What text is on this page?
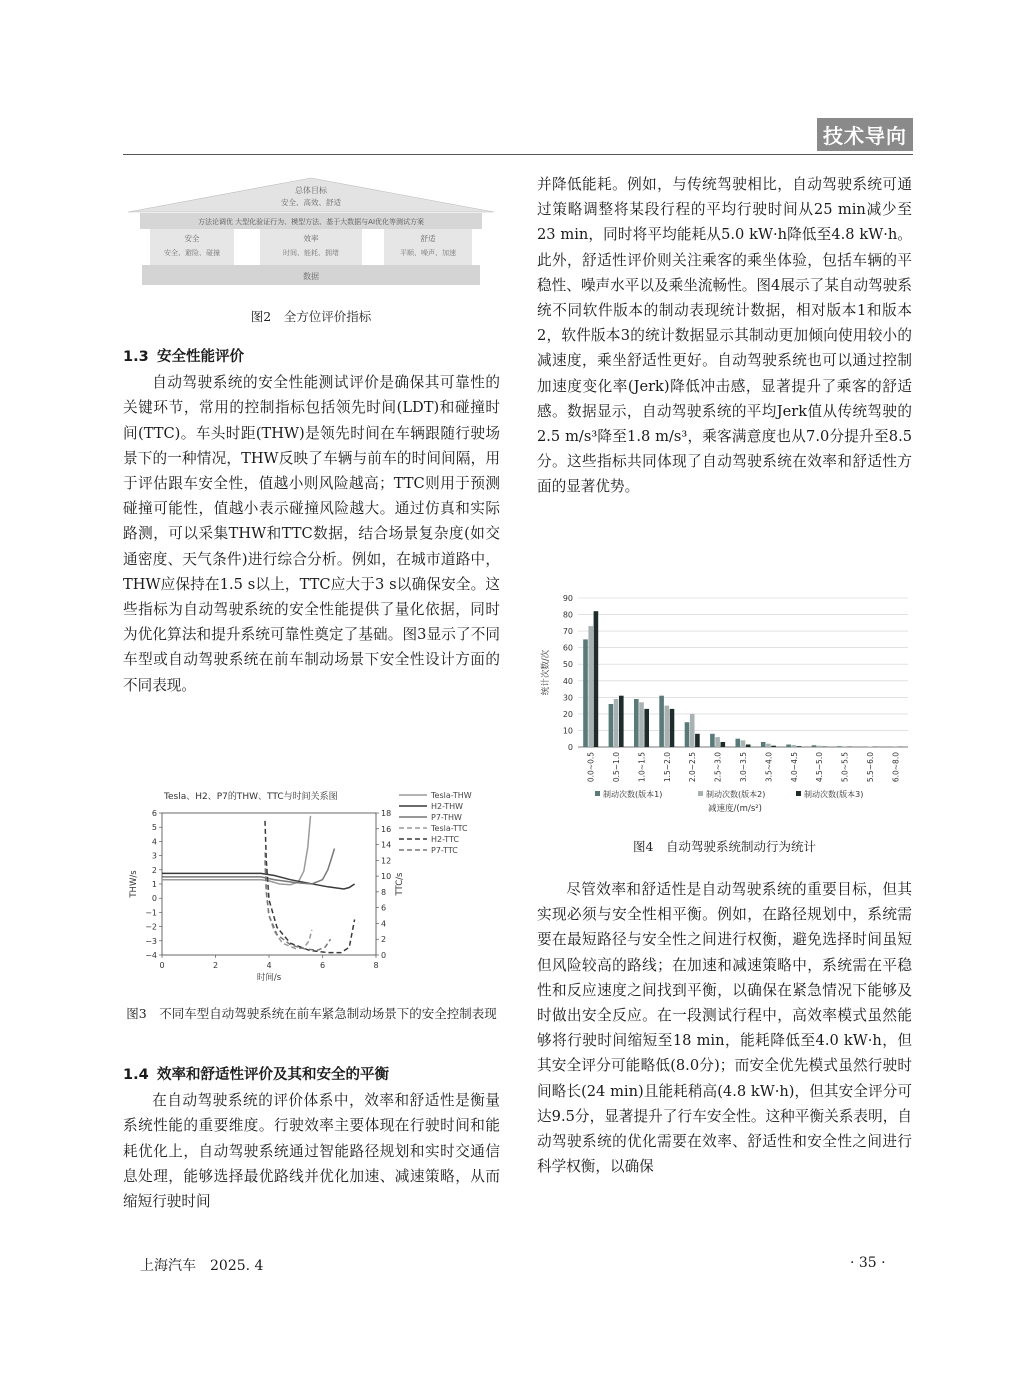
技术导向
总体目标
安全、高效、舒适
方法论调优 大型化验证行为、模型方法、基于大数据与AI优化等测试方案
安全
安全、避险、碰撞
效率
时间、能耗、拥堵
舒适
平顺、噪声、加速
数据
图2　全方位评价指标

1.3 安全性能评价

自动驾驶系统的安全性能测试评价是确保其可靠性的关键环节，常用的控制指标包括领先时间(LDT)和碰撞时间(TTC)。车头时距(THW)是领先时间在车辆跟随行驶场景下的一种情况，THW反映了车辆与前车的时间间隔，用于评估跟车安全性，值越小则风险越高；TTC则用于预测碰撞可能性，值越小表示碰撞风险越大。通过仿真和实际路测，可以采集THW和TTC数据，结合场景复杂度(如交通密度、天气条件)进行综合分析。例如，在城市道路中，THW应保持在1.5 s以上，TTC应大于3 s以确保安全。这些指标为自动驾驶系统的安全性能提供了量化依据，同时为优化算法和提升系统可靠性奠定了基础。图3显示了不同车型或自动驾驶系统在前车制动场景下安全性设计方面的不同表现。

Tesla、H2、P7的THW、TTC与时间关系图
−4
−3
−2
−1
0
1
2
3
4
5
6
0
2
4
6
8
10
12
14
16
18
0	2	4	6	8
时间/s
THW/s	TTC/s
Tesla-THW
H2-THW
P7-THW
Tesla-TTC
H2-TTC
P7-TTC
图3　不同车型自动驾驶系统在前车紧急制动场景下的安全控制表现

1.4 效率和舒适性评价及其和安全的平衡

在自动驾驶系统的评价体系中，效率和舒适性是衡量系统性能的重要维度。行驶效率主要体现在行驶时间和能耗优化上，自动驾驶系统通过智能路径规划和实时交通信息处理，能够选择最优路线并优化加速、减速策略，从而缩短行驶时间

并降低能耗。例如，与传统驾驶相比，自动驾驶系统可通过策略调整将某段行程的平均行驶时间从25 min减少至23 min，同时将平均能耗从5.0 kW·h降低至4.8 kW·h。此外，舒适性评价则关注乘客的乘坐体验，包括车辆的平稳性、噪声水平以及乘坐流畅性。图4展示了某自动驾驶系统不同软件版本的制动表现统计数据，相对版本1和版本2，软件版本3的统计数据显示其制动更加倾向使用较小的减速度，乘坐舒适性更好。自动驾驶系统也可以通过控制加速度变化率(Jerk)降低冲击感，显著提升了乘客的舒适感。数据显示，自动驾驶系统的平均Jerk值从传统驾驶的2.5 m/s³降至1.8 m/s³，乘客满意度也从7.0分提升至8.5分。这些指标共同体现了自动驾驶系统在效率和舒适性方面的显著优势。

0
10
20
30
40
50
60
70
80
90
统计次数/次
0.0~0.5 0.5~1.0 1.0~1.5 1.5~2.0 2.0~2.5 2.5~3.0 3.0~3.5 3.5~4.0 4.0~4.5 4.5~5.0 5.0~5.5 5.5~6.0 6.0~8.0
制动次数(版本1)	制动次数(版本2)	制动次数(版本3)
减速度/(m/s²)
图4　自动驾驶系统制动行为统计

尽管效率和舒适性是自动驾驶系统的重要目标，但其实现必须与安全性相平衡。例如，在路径规划中，系统需要在最短路径与安全性之间进行权衡，避免选择时间虽短但风险较高的路线；在加速和减速策略中，系统需在平稳性和反应速度之间找到平衡，以确保在紧急情况下能够及时做出安全反应。在一段测试行程中，高效率模式虽然能够将行驶时间缩短至18 min，能耗降低至4.0 kW·h，但其安全评分可能略低(8.0分)；而安全优先模式虽然行驶时间略长(24 min)且能耗稍高(4.8 kW·h)，但其安全评分可达9.5分，显著提升了行车安全性。这种平衡关系表明，自动驾驶系统的优化需要在效率、舒适性和安全性之间进行科学权衡，以确保

上海汽车　2025. 4	· 35 ·
